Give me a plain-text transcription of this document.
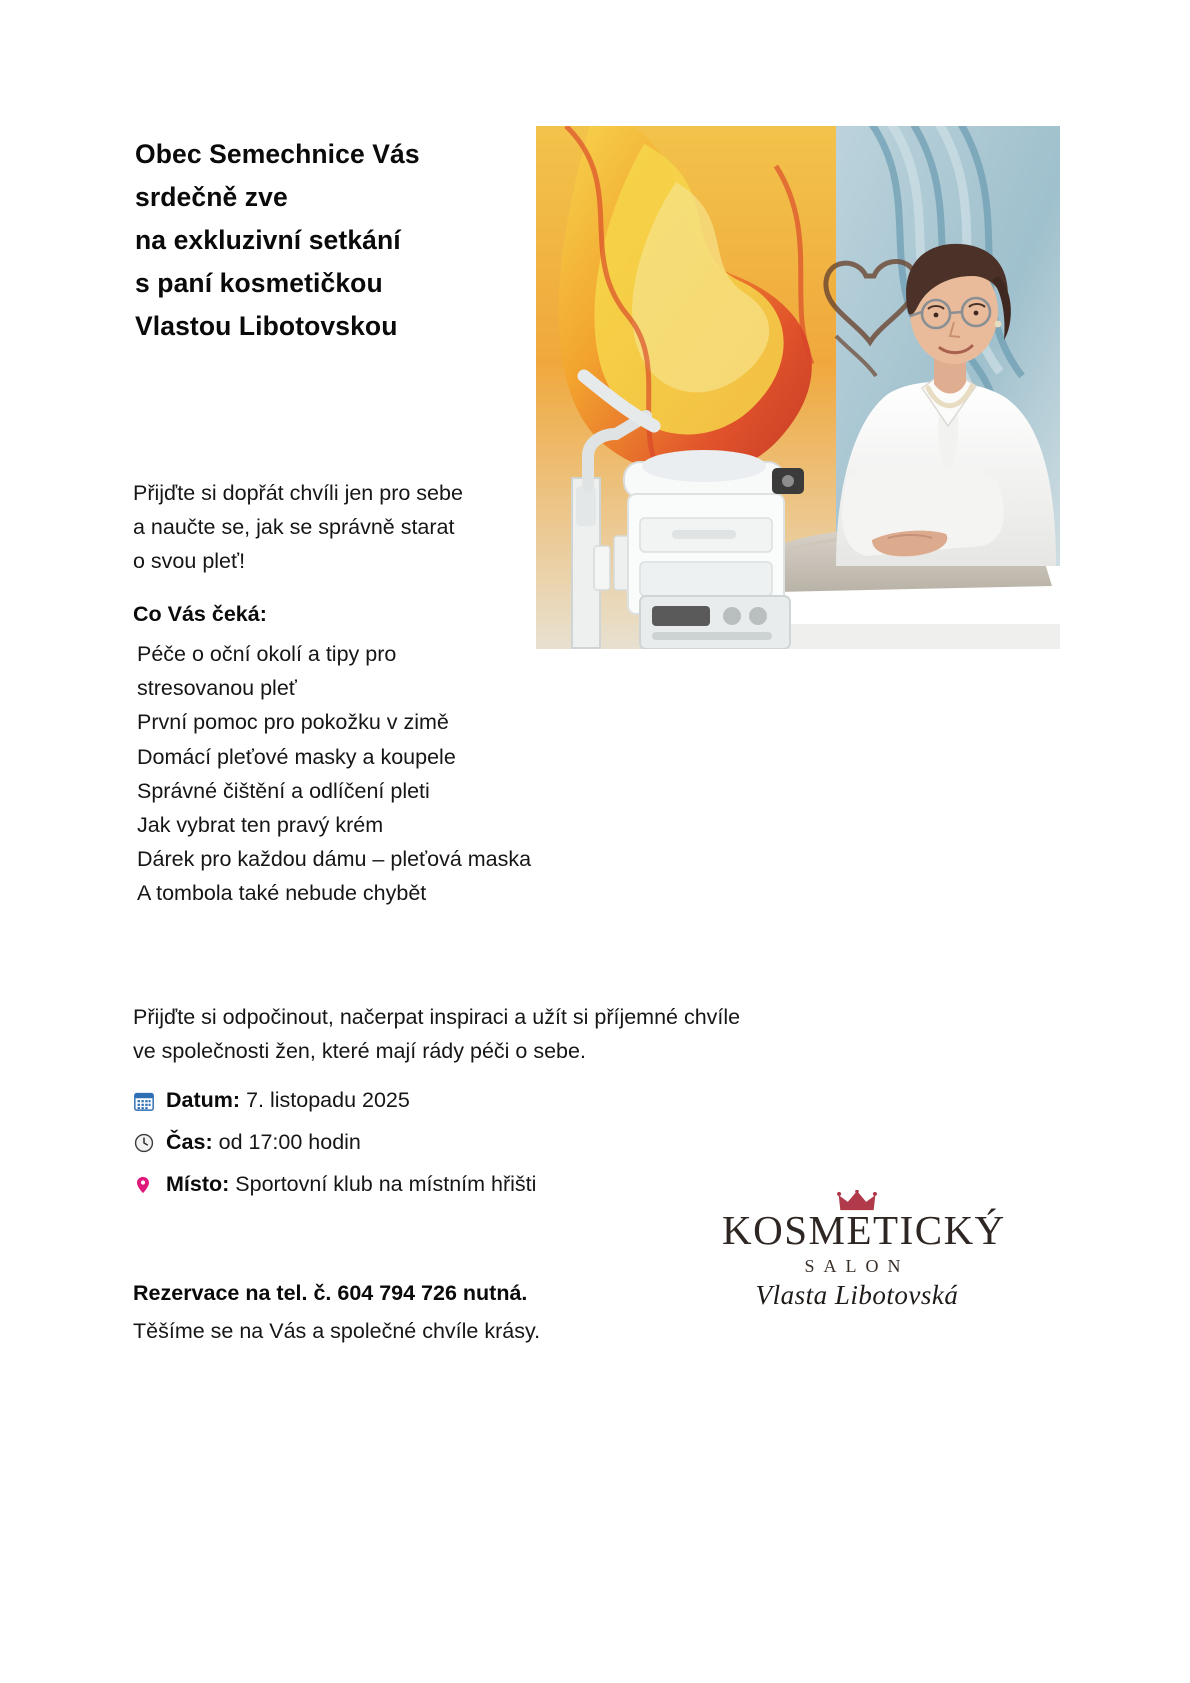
Obec Semechnice Vás
srdečně zve
na exkluzivní setkání
s paní kosmetičkou
Vlastou Libotovskou
Přijďte si dopřát chvíli jen pro sebe
a naučte se, jak se správně starat
o svou pleť!
Co Vás čeká:
Péče o oční okolí a tipy pro stresovanou pleť
První pomoc pro pokožku v zimě
Domácí pleťové masky a koupele
Správné čištění a odlíčení pleti
Jak vybrat ten pravý krém
Dárek pro každou dámu – pleťová maska
A tombola také nebude chybět
Přijďte si odpočinout, načerpat inspiraci a užít si příjemné chvíle
ve společnosti žen, které mají rády péči o sebe.
Datum: 7. listopadu 2025
Čas: od 17:00 hodin
Místo: Sportovní klub na místním hřišti
Rezervace na tel. č. 604 794 726 nutná.
Těšíme se na Vás a společné chvíle krásy.
KOSMETICKÝ
SALON
Vlasta Libotovská
